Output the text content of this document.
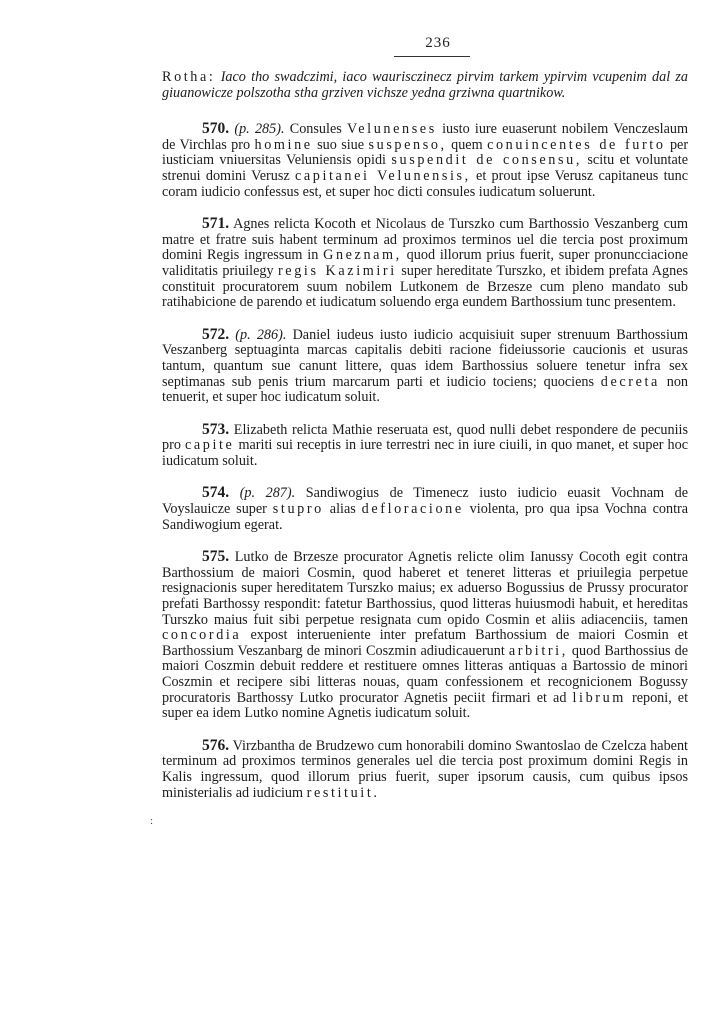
236

Rotha: Iaco tho swadczimi, iaco waurisczinecz pirvim tarkem ypirvim vcupenim dal za giuanowicze polszotha stha grziven vichsze yedna grziwna quartnikow.

570. (p. 285). Consules Velunenses iusto iure euaserunt nobilem Venczeslaum de Virchlas pro homine suo siue suspenso, quem conuincentes de furto per iusticiam vniuersitas Veluniensis opidi suspendit de consensu, scitu et voluntate strenui domini Verusz capitanei Velunensis, et prout ipse Verusz capitaneus tunc coram iudicio confessus est, et super hoc dicti consules iudicatum soluerunt.

571. Agnes relicta Kocoth et Nicolaus de Turszko cum Barthossio Veszanberg cum matre et fratre suis habent terminum ad proximos terminos uel die tercia post proximum domini Regis ingressum in Gneznam, quod illorum prius fuerit, super pronuncciacione validitatis priuilegy regis Kazimiri super hereditate Turszko, et ibidem prefata Agnes constituit procuratorem suum nobilem Lutkonem de Brzesze cum pleno mandato sub ratihabicione de parendo et iudicatum soluendo erga eundem Barthossium tunc presentem.

572. (p. 286). Daniel iudeus iusto iudicio acquisiuit super strenuum Barthossium Veszanberg septuaginta marcas capitalis debiti racione fideiussorie caucionis et usuras tantum, quantum sue canunt littere, quas idem Barthossius soluere tenetur infra sex septimanas sub penis trium marcarum parti et iudicio tociens; quociens decreta non tenuerit, et super hoc iudicatum soluit.

573. Elizabeth relicta Mathie reseruata est, quod nulli debet respondere de pecuniis pro capite mariti sui receptis in iure terrestri nec in iure ciuili, in quo manet, et super hoc iudicatum soluit.

574. (p. 287). Sandiwogius de Timenecz iusto iudicio euasit Vochnam de Voyslauicze super stupro alias defloracione violenta, pro qua ipsa Vochna contra Sandiwogium egerat.

575. Lutko de Brzesze procurator Agnetis relicte olim Ianussy Cocoth egit contra Barthossium de maiori Cosmin, quod haberet et teneret litteras et priuilegia perpetue resignacionis super hereditatem Turszko maius; ex aduerso Bogussius de Prussy procurator prefati Barthossy respondit: fatetur Barthossius, quod litteras huiusmodi habuit, et hereditas Turszko maius fuit sibi perpetue resignata cum opido Cosmin et aliis adiacenciis, tamen concordia expost interueniente inter prefatum Barthossium de maiori Cosmin et Barthossium Veszanbarg de minori Coszmin adiudicauerunt arbitri, quod Barthossius de maiori Coszmin debuit reddere et restituere omnes litteras antiquas a Bartossio de minori Coszmin et recipere sibi litteras nouas, quam confessionem et recognicionem Bogussy procuratoris Barthossy Lutko procurator Agnetis peciit firmari et ad librum reponi, et super ea idem Lutko nomine Agnetis iudicatum soluit.

576. Virzbantha de Brudzewo cum honorabili domino Swantoslao de Czelcza habent terminum ad proximos terminos generales uel die tercia post proximum domini Regis in Kalis ingressum, quod illorum prius fuerit, super ipsorum causis, cum quibus ipsos ministerialis ad iudicium restituit.

:
